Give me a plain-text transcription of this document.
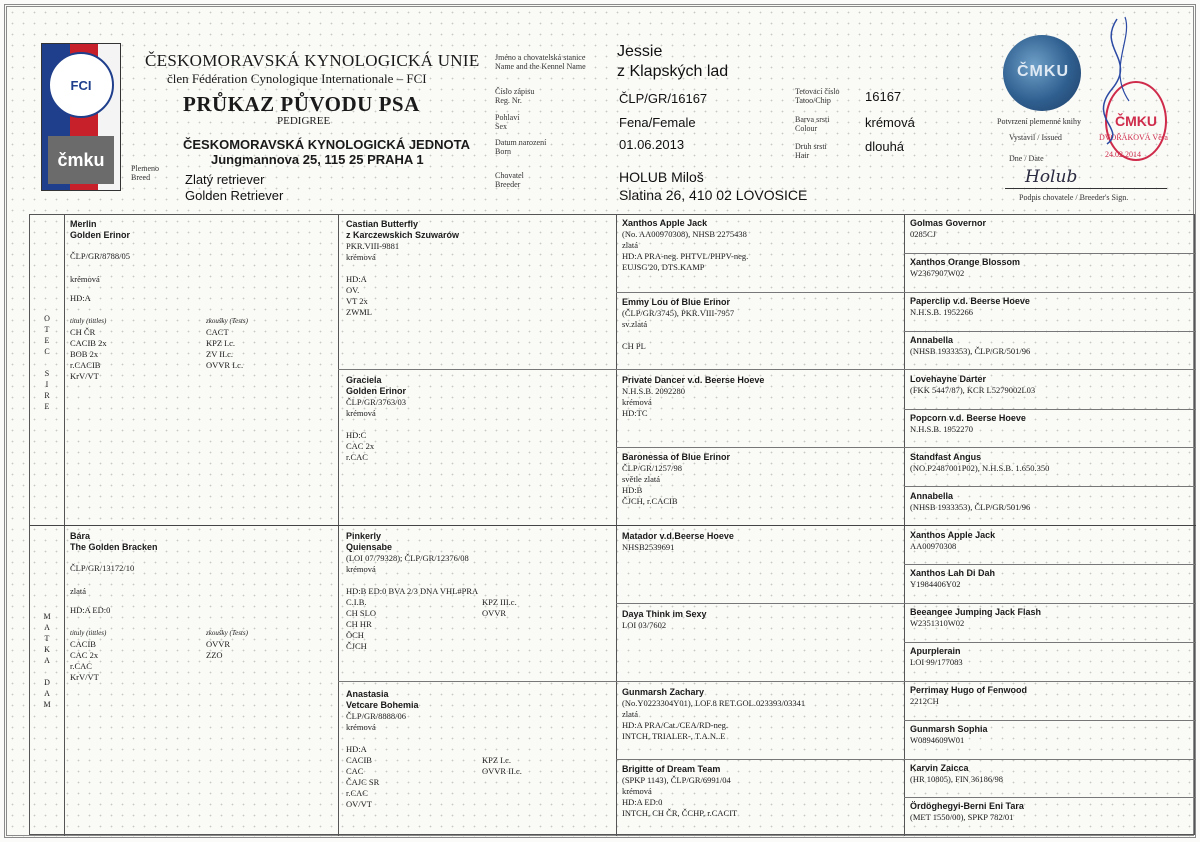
FCI
čmku
ČESKOMORAVSKÁ KYNOLOGICKÁ UNIE
člen Fédération Cynologique Internationale – FCI
PRŮKAZ PŮVODU PSA
PEDIGREE
ČESKOMORAVSKÁ KYNOLOGICKÁ JEDNOTA
Jungmannova 25, 115 25 PRAHA 1
Plemeno
Breed	Zlatý retriever
Golden Retriever
Jméno a chovatelská stanice
Name and the Kennel Name
Číslo zápisu
Reg. Nr.
Pohlaví
Sex
Datum narození
Born
Chovatel
Breeder
Jessie
z Klapských lad
ČLP/GR/16167
Fena/Female
01.06.2013
HOLUB Miloš
Slatina 26, 410 02 LOVOSICE
Tetovací číslo
Tatoo/Chip
Barva srsti
Colour
Druh srsti
Hair
16167
krémová
dlouhá
ČMKU
Potvrzení plemenné knihy
Vystavil / Issued
Dne / Date
DVOŘÁKOVÁ Věra
24.02.2014
ČMKU
Holub
Podpis chovatele / Breeder's Sign.
O
T
E
C

S
I
R
E
M
A
T
K
A

D
A
M
Merlin
Golden Erinor
ČLP/GR/8788/05
krémová
HD:A
tituly (tittles)
CH ČR
CACIB 2x
BOB 2x
r.CACIB
KrV/VT
zkoušky (Tests)
CACT
KPZ I.c.
ZV II.c.
OVVR I.c.
Bára
The Golden Bracken
ČLP/GR/13172/10
zlatá
HD:A ED:0
tituly (tittles)
CACIB
CAC 2x
r.CAC
KrV/VT
zkoušky (Tests)
OVVR
ZZO
Castian Butterfly
z Karczewskich Szuwarów
PKR.VIII-9881
krémová

HD:A
OV.
VT 2x
ZWML
Graciela
Golden Erinor
ČLP/GR/3763/03
krémová

HD:C
CAC 2x
r.CAC
Pinkerly
Quiensabe
(LOI 07/79328); ČLP/GR/12376/08
krémová

HD:B ED:0 BVA 2/3 DNA VHL#PRA
C.I.B.
CH SLO
CH HR
ÖCH
ČJCH
KPZ III.c.
OVVR
Anastasia
Vetcare Bohemia
ČLP/GR/8888/06
krémová

HD:A
CACIB
CAC
ČAJC SR
r.CAC
OV/VT
KPZ I.c.
OVVR II.c.
Xanthos Apple Jack
(No. AA00970308), NHSB 2275438
zlatá
HD:A PRA-neg. PHTVL/PHPV-neg.
EUJSG'20, DTS.KAMP
Emmy Lou of Blue Erinor
(ČLP/GR/3745), PKR.VIII-7957
sv.zlatá

CH PL
Private Dancer v.d. Beerse Hoeve
N.H.S.B. 2092280
krémová
HD:TC
Baronessa of Blue Erinor
ČLP/GR/1257/98
světle zlatá
HD:B
ČJCH, r.CACIB
Matador v.d.Beerse Hoeve
NHSB2539691
Daya Think im Sexy
LOI 03/7602
Gunmarsh Zachary
(No.Y0223304Y01), LOF.8 RET.GOL.023393/03341
zlatá
HD:A PRA/Cat./CEA/RD-neg.
INTCH, TRIALER-, T.A.N..E
Brigitte of Dream Team
(SPKP 1143), ČLP/GR/6991/04
krémová
HD:A ED:0
INTCH, CH ČR, ČCHP, r.CACIT
Golmas Governor
0285CJ
Xanthos Orange Blossom
W2367907W02
Paperclip v.d. Beerse Hoeve
N.H.S.B. 1952266
Annabella
(NHSB 1933353), ČLP/GR/501/96
Lovehayne Darter
(FKK 5447/87), KCR L5279002L03
Popcorn v.d. Beerse Hoeve
N.H.S.B. 1952270
Standfast Angus
(NO.P2487001P02), N.H.S.B. 1.650.350
Annabella
(NHSB 1933353), ČLP/GR/501/96
Xanthos Apple Jack
AA00970308
Xanthos Lah Di Dah
Y1984406Y02
Beeangee Jumping Jack Flash
W2351310W02
Apurplerain
LOI 99/177083
Perrimay Hugo of Fenwood
2212CH
Gunmarsh Sophia
W0894609W01
Karvin Zaicca
(HR 10805), FIN 36186/98
Ördöghegyi-Berni Eni Tara
(MET 1550/00), SPKP 782/01
